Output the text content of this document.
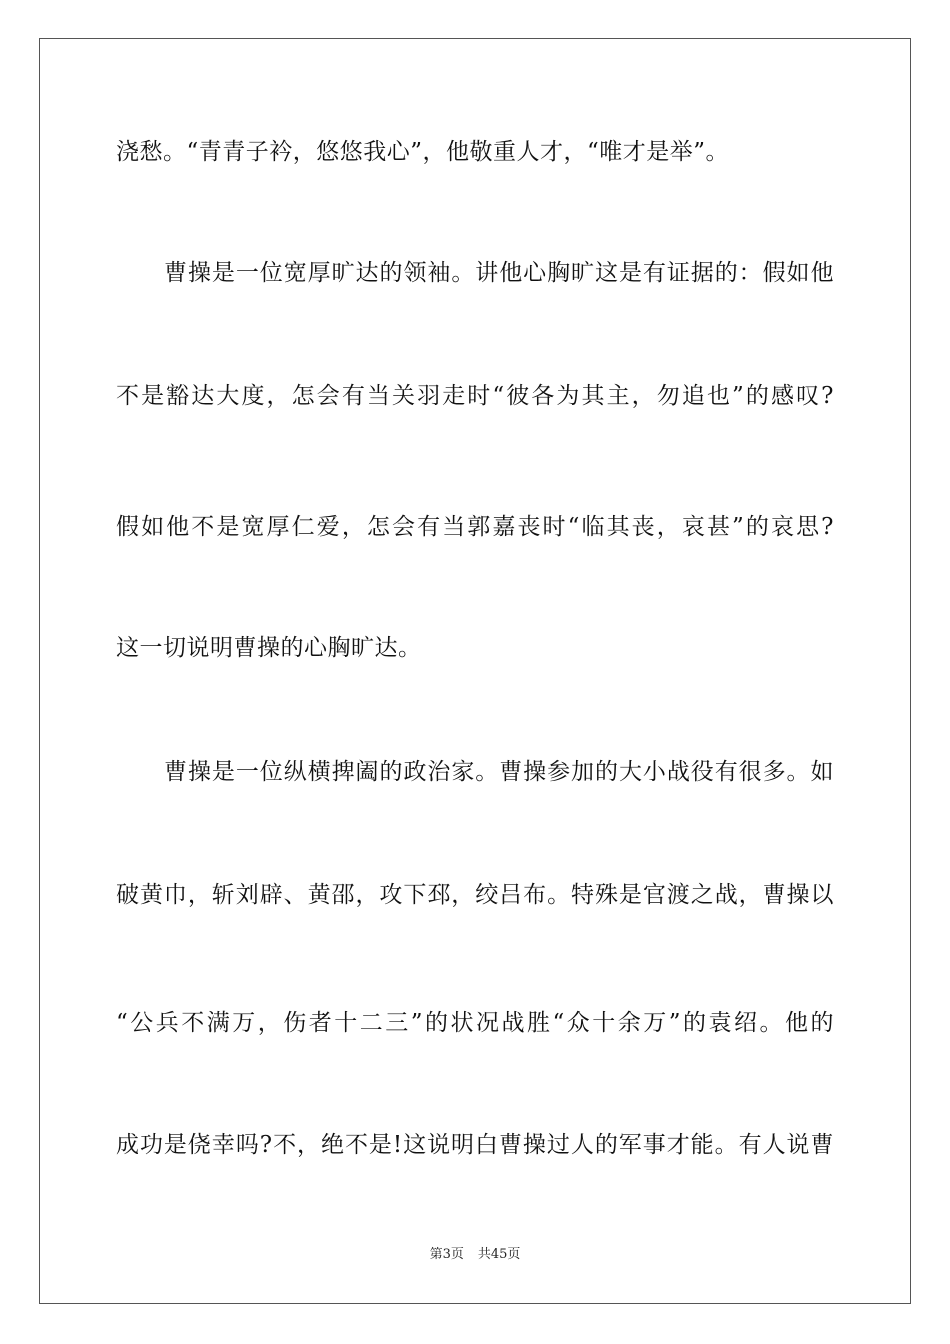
浇愁。“青青子衿，悠悠我心”，他敬重人才，“唯才是举”。
曹操是一位宽厚旷达的领袖。讲他心胸旷这是有证据的：假如他
不是豁达大度，怎会有当关羽走时“彼各为其主，勿追也”的感叹?
假如他不是宽厚仁爱，怎会有当郭嘉丧时“临其丧，哀甚”的哀思?
这一切说明曹操的心胸旷达。
曹操是一位纵横捭阖的政治家。曹操参加的大小战役有很多。如
破黄巾，斩刘辟、黄邵，攻下邳，绞吕布。特殊是官渡之战，曹操以
“公兵不满万，伤者十二三”的状况战胜“众十余万”的袁绍。他的
成功是侥幸吗?不，绝不是!这说明白曹操过人的军事才能。有人说曹
第3页 共45页
